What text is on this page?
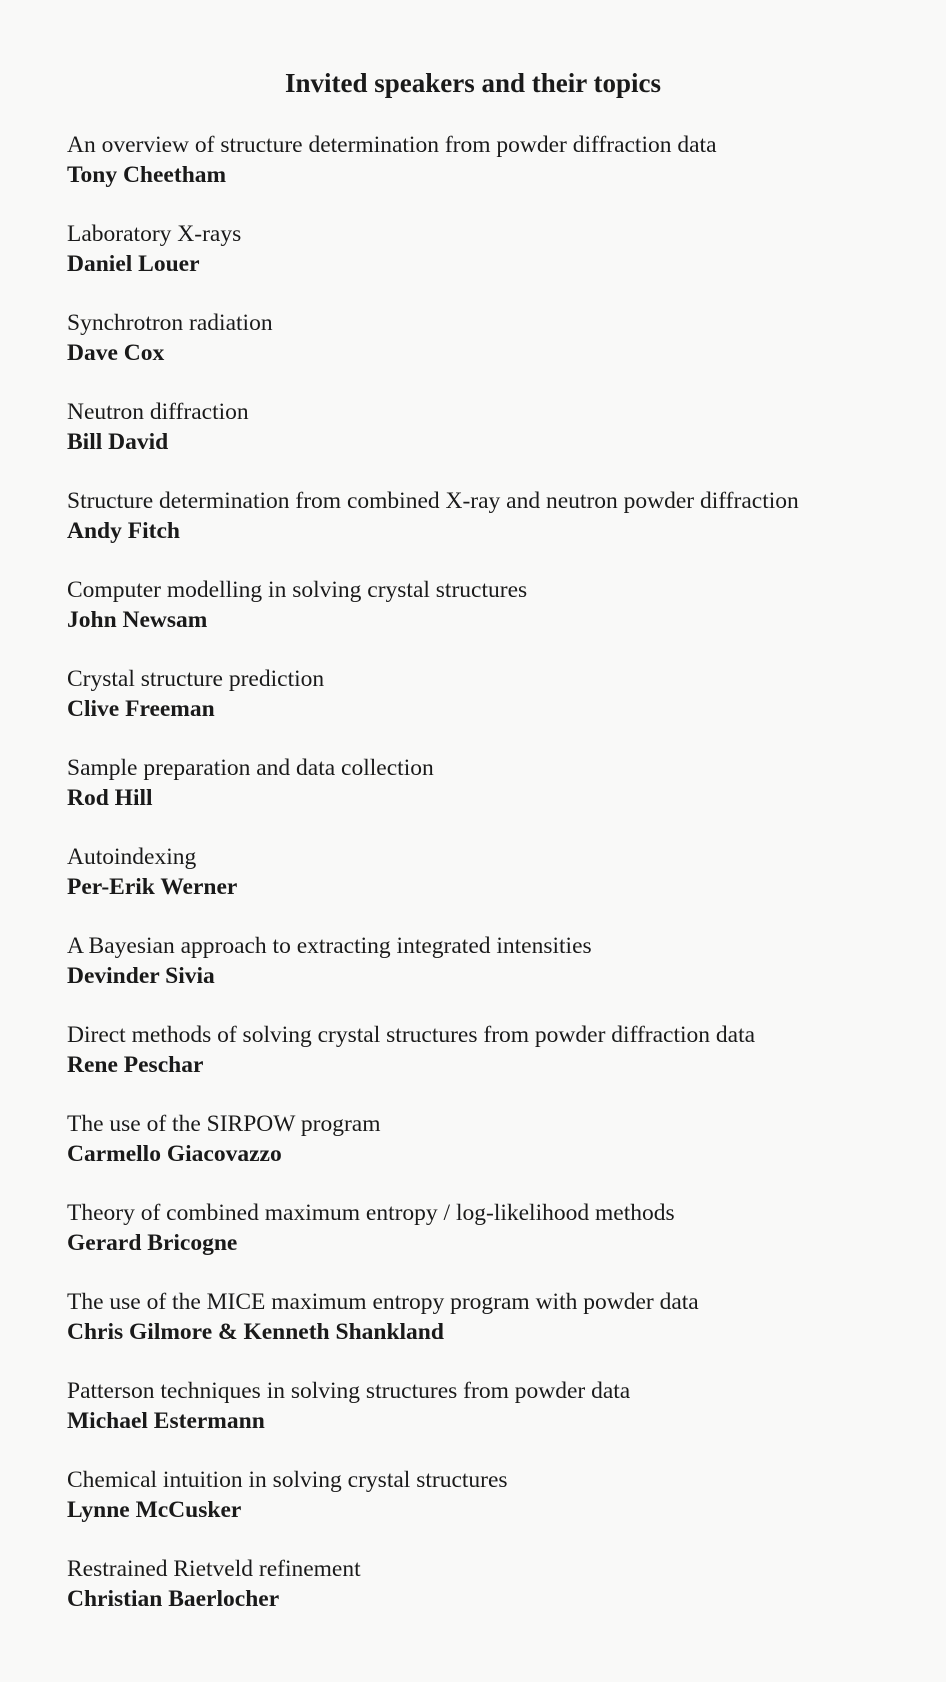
Invited speakers and their topics
An overview of structure determination from powder diffraction data
Tony Cheetham
Laboratory X-rays
Daniel Louer
Synchrotron radiation
Dave Cox
Neutron diffraction
Bill David
Structure determination from combined X-ray and neutron powder diffraction
Andy Fitch
Computer modelling in solving crystal structures
John Newsam
Crystal structure prediction
Clive Freeman
Sample preparation and data collection
Rod Hill
Autoindexing
Per-Erik Werner
A Bayesian approach to extracting integrated intensities
Devinder Sivia
Direct methods of solving crystal structures from powder diffraction data
Rene Peschar
The use of the SIRPOW program
Carmello Giacovazzo
Theory of combined maximum entropy / log-likelihood methods
Gerard Bricogne
The use of the MICE maximum entropy program with powder data
Chris Gilmore & Kenneth Shankland
Patterson techniques in solving structures from powder data
Michael Estermann
Chemical intuition in solving crystal structures
Lynne McCusker
Restrained Rietveld refinement
Christian Baerlocher
